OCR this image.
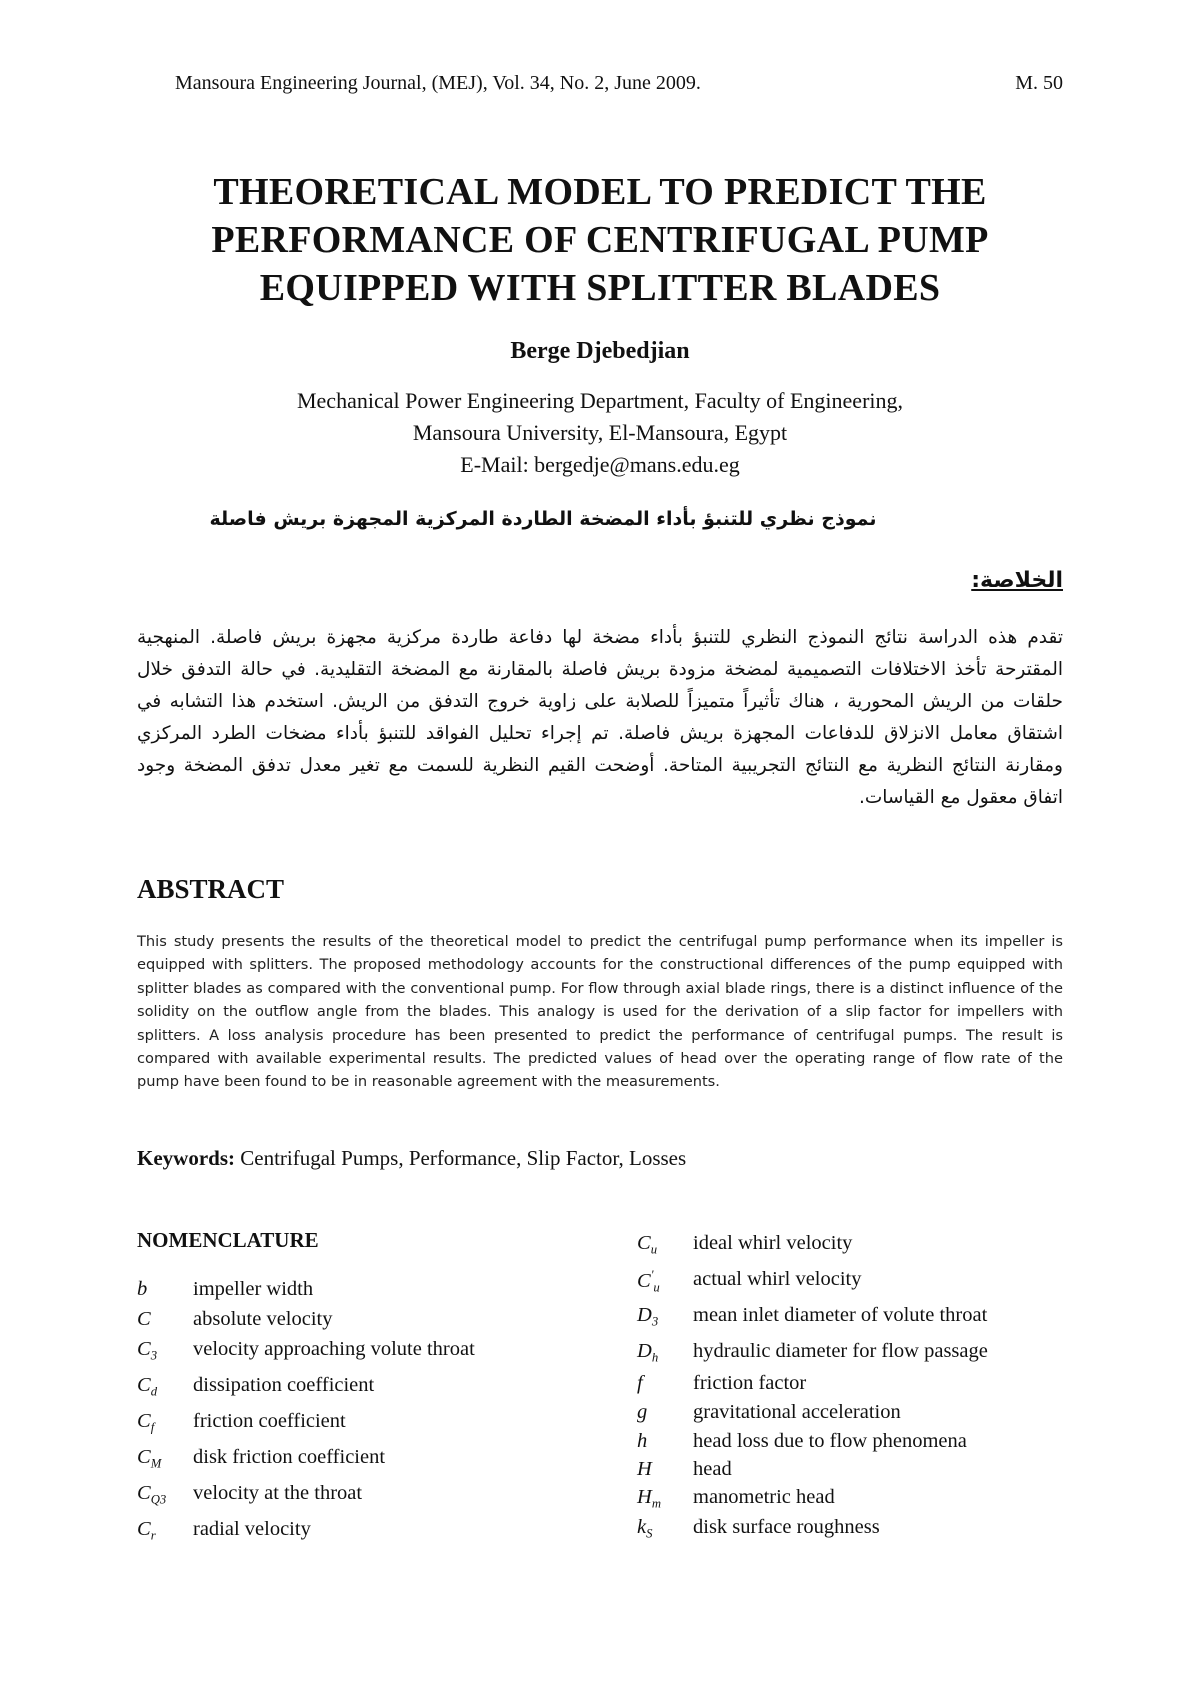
Mansoura Engineering Journal, (MEJ), Vol. 34, No. 2, June 2009.	M. 50
THEORETICAL MODEL TO PREDICT THE
PERFORMANCE OF CENTRIFUGAL PUMP
EQUIPPED WITH SPLITTER BLADES
Berge Djebedjian
Mechanical Power Engineering Department, Faculty of Engineering,
Mansoura University, El-Mansoura, Egypt
E-Mail: bergedje@mans.edu.eg
نموذج نظري للتنبؤ بأداء المضخة الطاردة المركزية المجهزة بريش فاصلة
الخلاصة:
تقدم هذه الدراسة نتائج النموذج النظري للتنبؤ بأداء مضخة لها دفاعة طاردة مركزية مجهزة بريش فاصلة. المنهجية المقترحة تأخذ الاختلافات التصميمية لمضخة مزودة بريش فاصلة بالمقارنة مع المضخة التقليدية. في حالة التدفق خلال حلقات من الريش المحورية ، هناك تأثيراً متميزاً للصلابة على زاوية خروج التدفق من الريش. استخدم هذا التشابه في اشتقاق معامل الانزلاق للدفاعات المجهزة بريش فاصلة. تم إجراء تحليل الفواقد للتنبؤ بأداء مضخات الطرد المركزي ومقارنة النتائج النظرية مع النتائج التجريبية المتاحة. أوضحت القيم النظرية للسمت مع تغير معدل تدفق المضخة وجود اتفاق معقول مع القياسات.
ABSTRACT
This study presents the results of the theoretical model to predict the centrifugal pump performance when its impeller is equipped with splitters. The proposed methodology accounts for the constructional differences of the pump equipped with splitter blades as compared with the conventional pump. For flow through axial blade rings, there is a distinct influence of the solidity on the outflow angle from the blades. This analogy is used for the derivation of a slip factor for impellers with splitters. A loss analysis procedure has been presented to predict the performance of centrifugal pumps. The result is compared with available experimental results. The predicted values of head over the operating range of flow rate of the pump have been found to be in reasonable agreement with the measurements.
Keywords: Centrifugal Pumps, Performance, Slip Factor, Losses
NOMENCLATURE
b impeller width
C absolute velocity
$C_3$ velocity approaching volute throat
$C_d$ dissipation coefficient
$C_f$ friction coefficient
$C_M$ disk friction coefficient
$C_{Q3}$ velocity at the throat
$C_r$ radial velocity
$C_u$ ideal whirl velocity
$C'_u$ actual whirl velocity
$D_3$ mean inlet diameter of volute throat
$D_h$ hydraulic diameter for flow passage
f friction factor
g gravitational acceleration
h head loss due to flow phenomena
H head
$H_m$ manometric head
$k_S$ disk surface roughness
